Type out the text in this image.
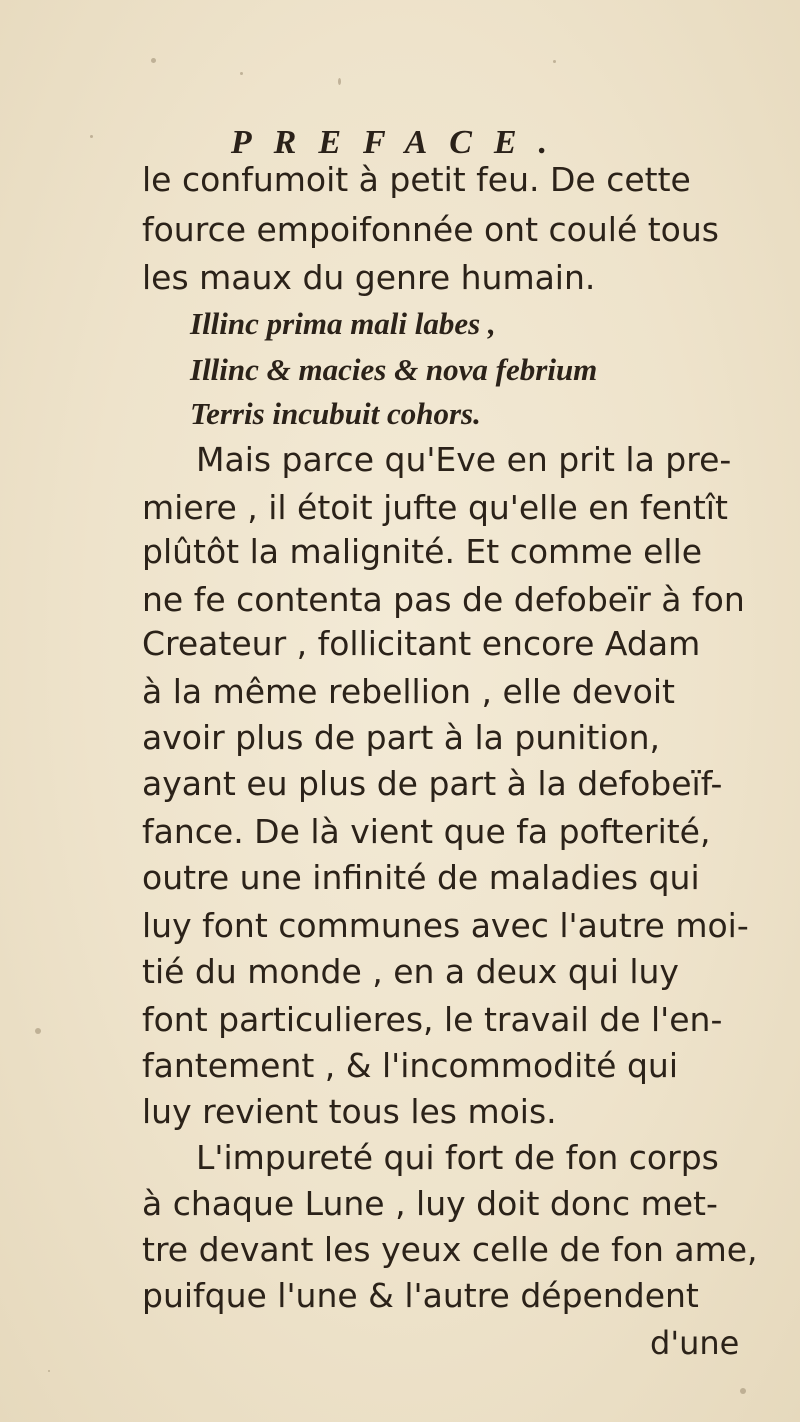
PREFACE.
le confumoit à petit feu. De cette
fource empoifonnée ont coulé tous
les maux du genre humain.
Illinc prima mali labes ,
Illinc & macies & nova febrium
Terris incubuit cohors.
Mais parce qu'Eve en prit la pre-
miere , il étoit jufte qu'elle en fentît
plûtôt la malignité. Et comme elle
ne fe contenta pas de defobeïr à fon
Createur , follicitant encore Adam
à la même rebellion , elle devoit
avoir plus de part à la punition,
ayant eu plus de part à la defobeïf-
fance. De là vient que fa pofterité,
outre une infinité de maladies qui
luy font communes avec l'autre moi-
tié du monde , en a deux qui luy
font particulieres, le travail de l'en-
fantement , & l'incommodité qui
luy revient tous les mois.
L'impureté qui fort de fon corps
à chaque Lune , luy doit donc met-
tre devant les yeux celle de fon ame,
puifque l'une & l'autre dépendent
d'une
